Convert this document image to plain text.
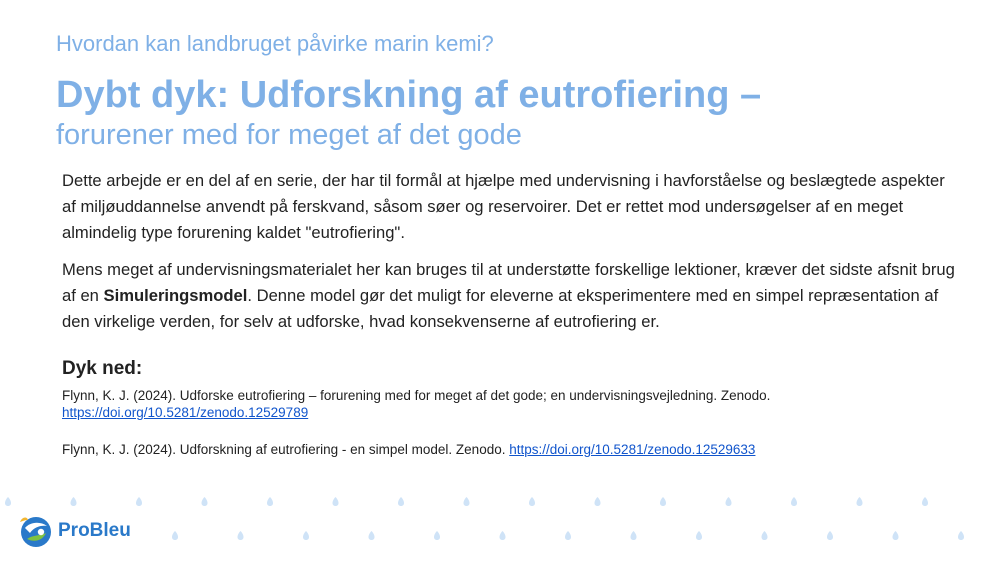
Hvordan kan landbruget påvirke marin kemi?
Dybt dyk: Udforskning af eutrofiering –
forurener med for meget af det gode

Dette arbejde er en del af en serie, der har til formål at hjælpe med undervisning i havforståelse og beslægtede aspekter af miljøuddannelse anvendt på ferskvand, såsom søer og reservoirer. Det er rettet mod undersøgelser af en meget almindelig type forurening kaldet "eutrofiering".

Mens meget af undervisningsmaterialet her kan bruges til at understøtte forskellige lektioner, kræver det sidste afsnit brug af en Simuleringsmodel. Denne model gør det muligt for eleverne at eksperimentere med en simpel repræsentation af den virkelige verden, for selv at udforske, hvad konsekvenserne af eutrofiering er.

Dyk ned:
Flynn, K. J. (2024). Udforske eutrofiering – forurening med for meget af det gode; en undervisningsvejledning. Zenodo.
https://doi.org/10.5281/zenodo.12529789
Flynn, K. J. (2024). Udforskning af eutrofiering - en simpel model. Zenodo. https://doi.org/10.5281/zenodo.12529633
ProBleu
